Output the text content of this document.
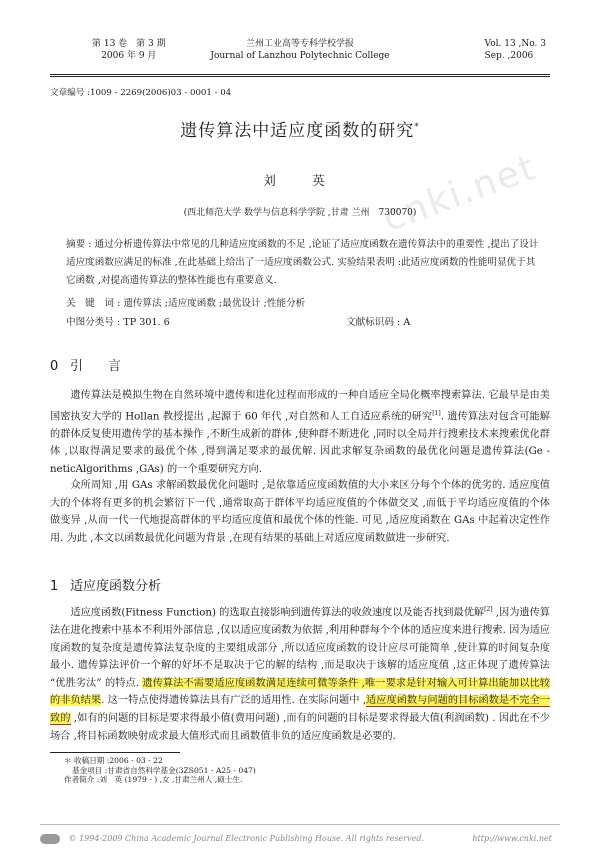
第 13 卷　第 3 期
2006 年 9 月
兰州工业高等专科学校学报
Journal of Lanzhou Polytechnic College
Vol. 13 ,No. 3
Sep. ,2006
文章编号 :1009 - 2269(2006)03 - 0001 - 04
cnki.net
遗传算法中适应度函数的研究*
刘　英
(西北师范大学 数学与信息科学学院 ,甘肃 兰州　730070)
摘要 : 通过分析遗传算法中常见的几种适应度函数的不足 ,论证了适应度函数在遗传算法中的重要性 ,提出了设计适应度函数应满足的标准 ,在此基础上给出了一适应度函数公式. 实验结果表明 :此适应度函数的性能明显优于其它函数 ,对提高遗传算法的整体性能也有重要意义.
关　键　词 : 遗传算法 ;适应度函数 ;最优设计 ;性能分析
中图分类号 : TP 301. 6	文献标识码 : A
0 引　言
遗传算法是模拟生物在自然环境中遗传和进化过程而形成的一种自适应全局化概率搜索算法. 它最早是由美国密执安大学的 Hollan 教授提出 ,起源于 60 年代 ,对自然和人工自适应系统的研究[1]. 遗传算法对包含可能解的群体反复使用遗传学的基本操作 ,不断生成新的群体 ,使种群不断进化 ,同时以全局并行搜索技术来搜索优化群体 ,以取得满足要求的最优个体 ,得到满足要求的最优解. 因此求解复杂函数的最优化问题是遗传算法(Ge - neticAlgorithms ,GAs) 的一个重要研究方向.
众所周知 ,用 GAs 求解函数最优化问题时 ,是依靠适应度函数值的大小来区分每个个体的优劣的. 适应度值大的个体将有更多的机会繁衍下一代 ,通常取高于群体平均适应度值的个体做交叉 ,而低于平均适应度值的个体做变异 ,从而一代一代地提高群体的平均适应度值和最优个体的性能. 可见 ,适应度函数在 GAs 中起着决定性作用. 为此 ,本文以函数最优化问题为背景 ,在现有结果的基础上对适应度函数做进一步研究.
1 适应度函数分析
适应度函数(Fitness Function) 的选取直接影响到遗传算法的收敛速度以及能否找到最优解[2] ,因为遗传算法在进化搜索中基本不利用外部信息 ,仅以适应度函数为依据 ,利用种群每个个体的适应度来进行搜索. 因为适应度函数的复杂度是遗传算法复杂度的主要组成部分 ,所以适应度函数的设计应尽可能简单 ,使计算的时间复杂度最小. 遗传算法评价一个解的好坏不是取决于它的解的结构 ,而是取决于该解的适应度值 ,这正体现了遗传算法 “优胜劣汰” 的特点. 遗传算法不需要适应度函数满足连续可微等条件 ,唯一要求是针对输入可计算出能加以比较的非负结果. 这一特点使得遗传算法具有广泛的适用性. 在实际问题中 ,适应度函数与问题的目标函数是不完全一致的 ,如有的问题的目标是要求得最小值(费用问题) ,而有的问题的目标是要求得最大值(利润函数) . 因此在不少场合 ,将目标函数映射成求最大值形式而且函数值非负的适应度函数是必要的.
＊ 收稿日期 :2006 - 03 - 22
基金项目 :甘肃省自然科学基金(3ZS051 - A25 - 047)
作者简介 :刘　英 (1979 - ) ,女 ,甘肃兰州人 ,硕士生.
© 1994-2009 China Academic Journal Electronic Publishing House. All rights reserved.	http://www.cnki.net
